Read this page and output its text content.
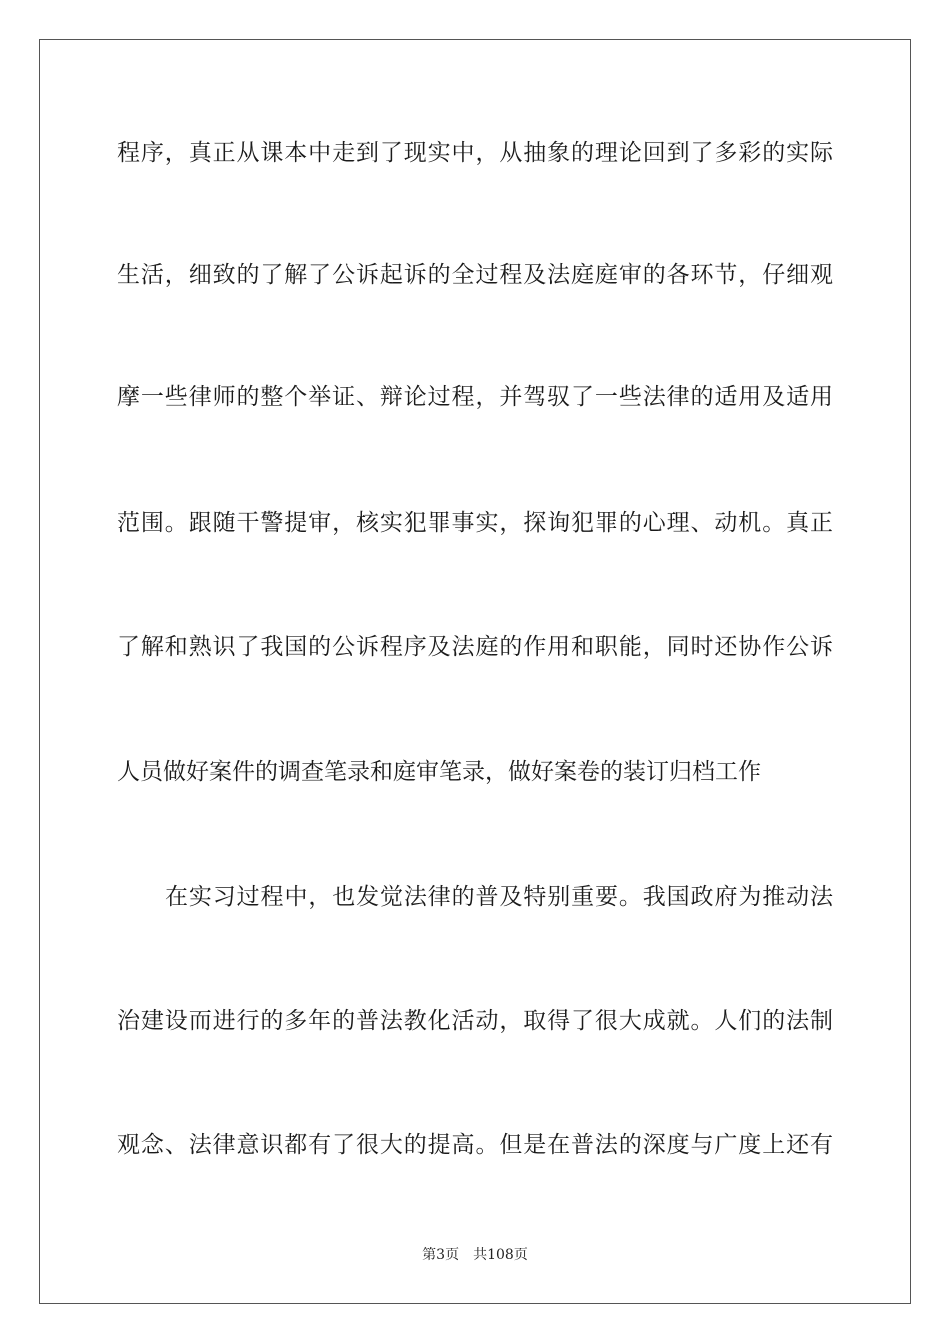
程序，真正从课本中走到了现实中，从抽象的理论回到了多彩的实际
生活，细致的了解了公诉起诉的全过程及法庭庭审的各环节，仔细观
摩一些律师的整个举证、辩论过程，并驾驭了一些法律的适用及适用
范围。跟随干警提审，核实犯罪事实，探询犯罪的心理、动机。真正
了解和熟识了我国的公诉程序及法庭的作用和职能，同时还协作公诉
人员做好案件的调查笔录和庭审笔录，做好案卷的装订归档工作
在实习过程中，也发觉法律的普及特别重要。我国政府为推动法
治建设而进行的多年的普法教化活动，取得了很大成就。人们的法制
观念、法律意识都有了很大的提高。但是在普法的深度与广度上还有
第3页 共108页
